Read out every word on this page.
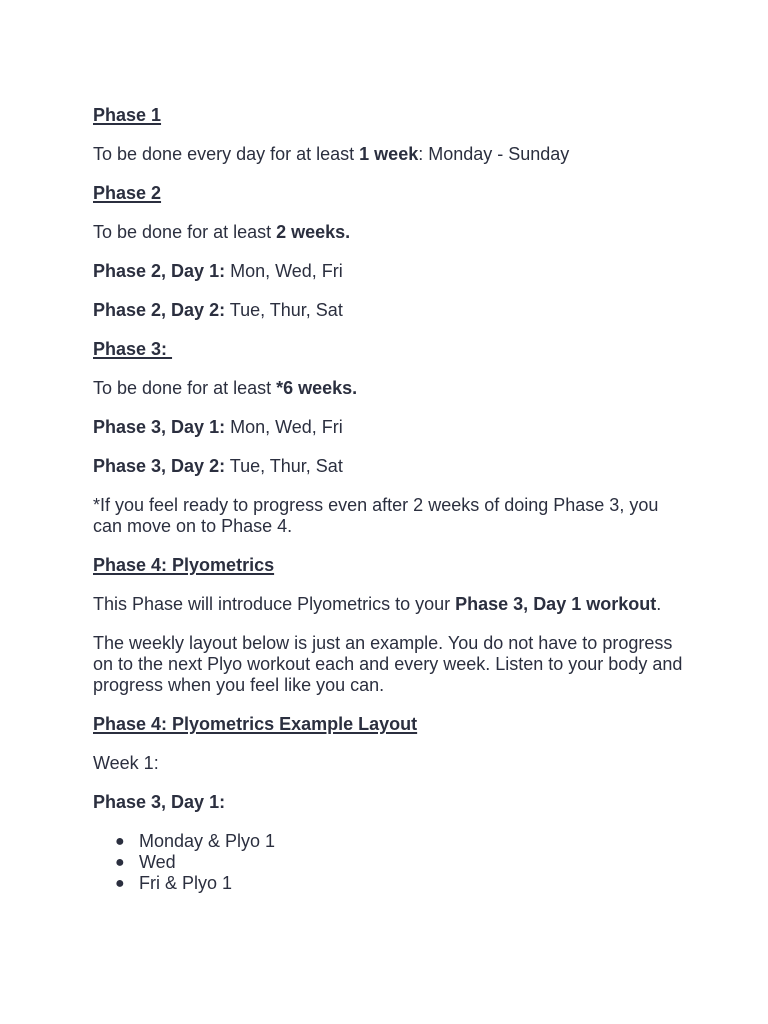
Phase 1

To be done every day for at least 1 week: Monday - Sunday

Phase 2

To be done for at least 2 weeks.

Phase 2, Day 1: Mon, Wed, Fri

Phase 2, Day 2: Tue, Thur, Sat

Phase 3:

To be done for at least *6 weeks.

Phase 3, Day 1: Mon, Wed, Fri

Phase 3, Day 2: Tue, Thur, Sat

*If you feel ready to progress even after 2 weeks of doing Phase 3, you can move on to Phase 4.

Phase 4: Plyometrics

This Phase will introduce Plyometrics to your Phase 3, Day 1 workout.

The weekly layout below is just an example. You do not have to progress on to the next Plyo workout each and every week. Listen to your body and progress when you feel like you can.

Phase 4: Plyometrics Example Layout

Week 1:

Phase 3, Day 1:

● Monday & Plyo 1
● Wed
● Fri & Plyo 1
